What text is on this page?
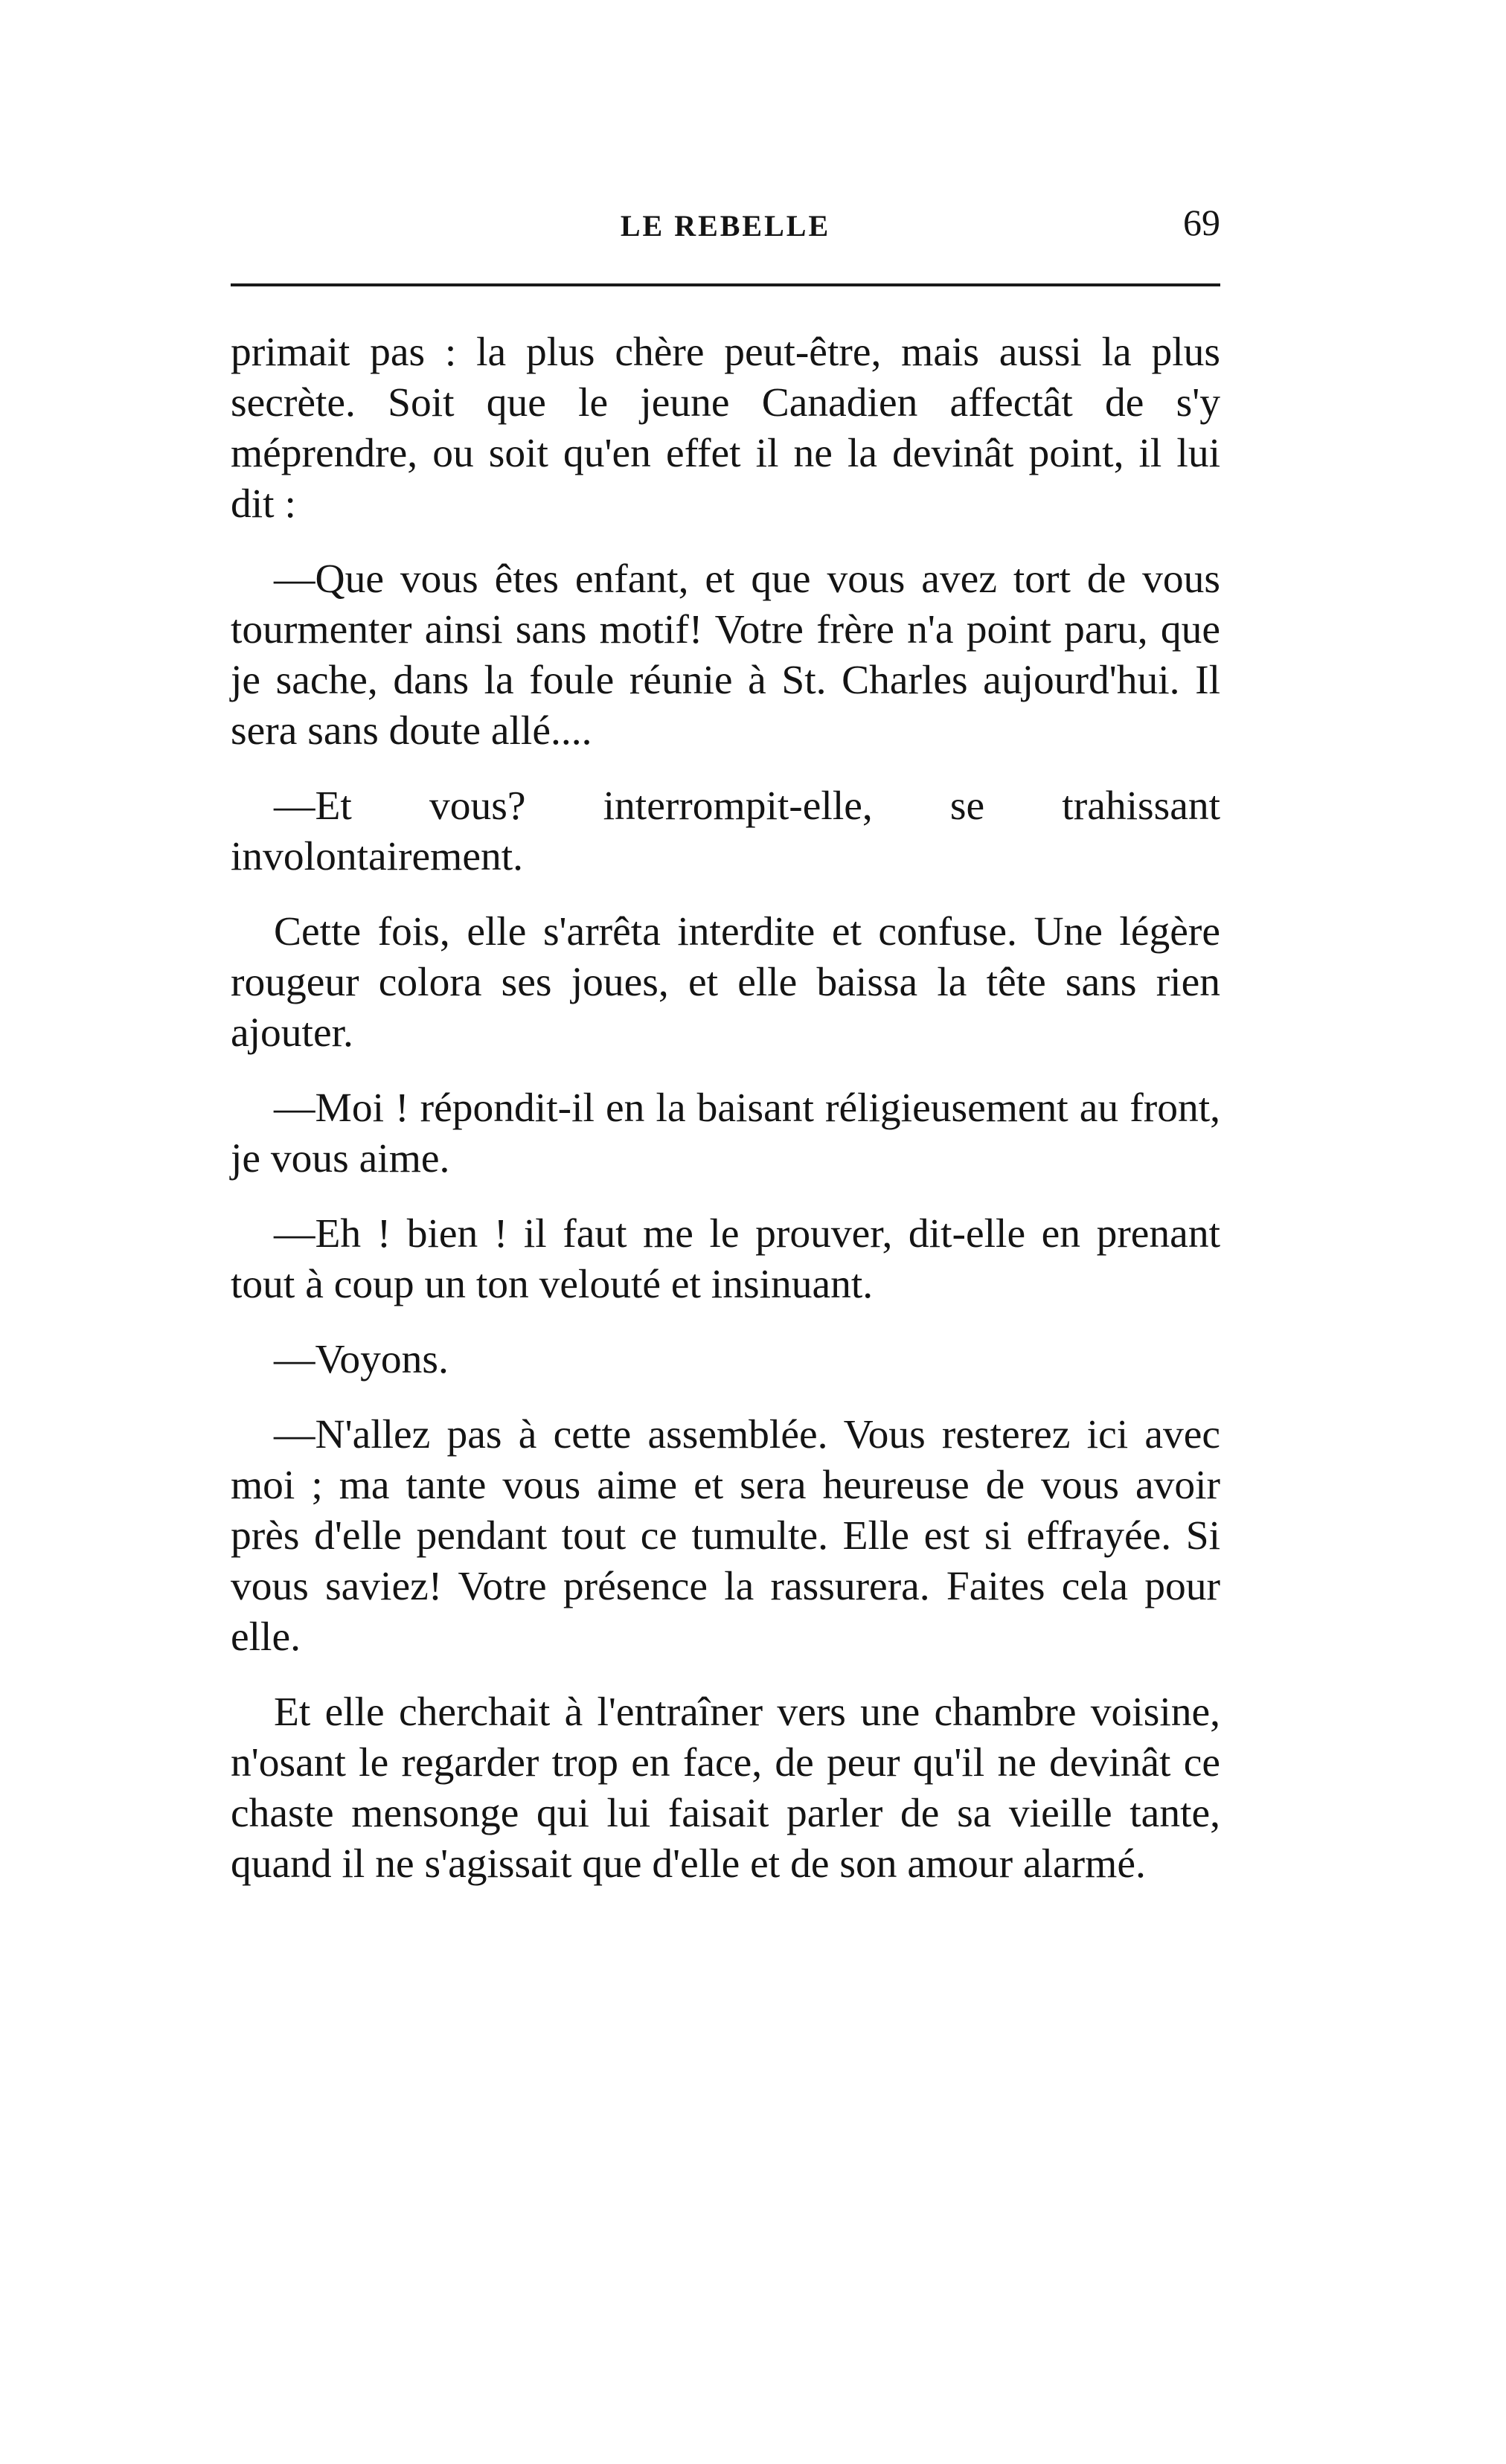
LE REBELLE	69

primait pas : la plus chère peut-être, mais aussi la plus secrète. Soit que le jeune Canadien affectât de s'y méprendre, ou soit qu'en effet il ne la devinât point, il lui dit :

—Que vous êtes enfant, et que vous avez tort de vous tourmenter ainsi sans motif! Votre frère n'a point paru, que je sache, dans la foule réunie à St. Charles aujourd'hui. Il sera sans doute allé....

—Et vous? interrompit-elle, se trahissant involontairement.

Cette fois, elle s'arrêta interdite et confuse. Une légère rougeur colora ses joues, et elle baissa la tête sans rien ajouter.

—Moi ! répondit-il en la baisant réligieusement au front, je vous aime.

—Eh ! bien ! il faut me le prouver, dit-elle en prenant tout à coup un ton velouté et insinuant.

—Voyons.

—N'allez pas à cette assemblée. Vous resterez ici avec moi ; ma tante vous aime et sera heureuse de vous avoir près d'elle pendant tout ce tumulte. Elle est si effrayée. Si vous saviez! Votre présence la rassurera. Faites cela pour elle.

Et elle cherchait à l'entraîner vers une chambre voisine, n'osant le regarder trop en face, de peur qu'il ne devinât ce chaste mensonge qui lui faisait parler de sa vieille tante, quand il ne s'agissait que d'elle et de son amour alarmé.
